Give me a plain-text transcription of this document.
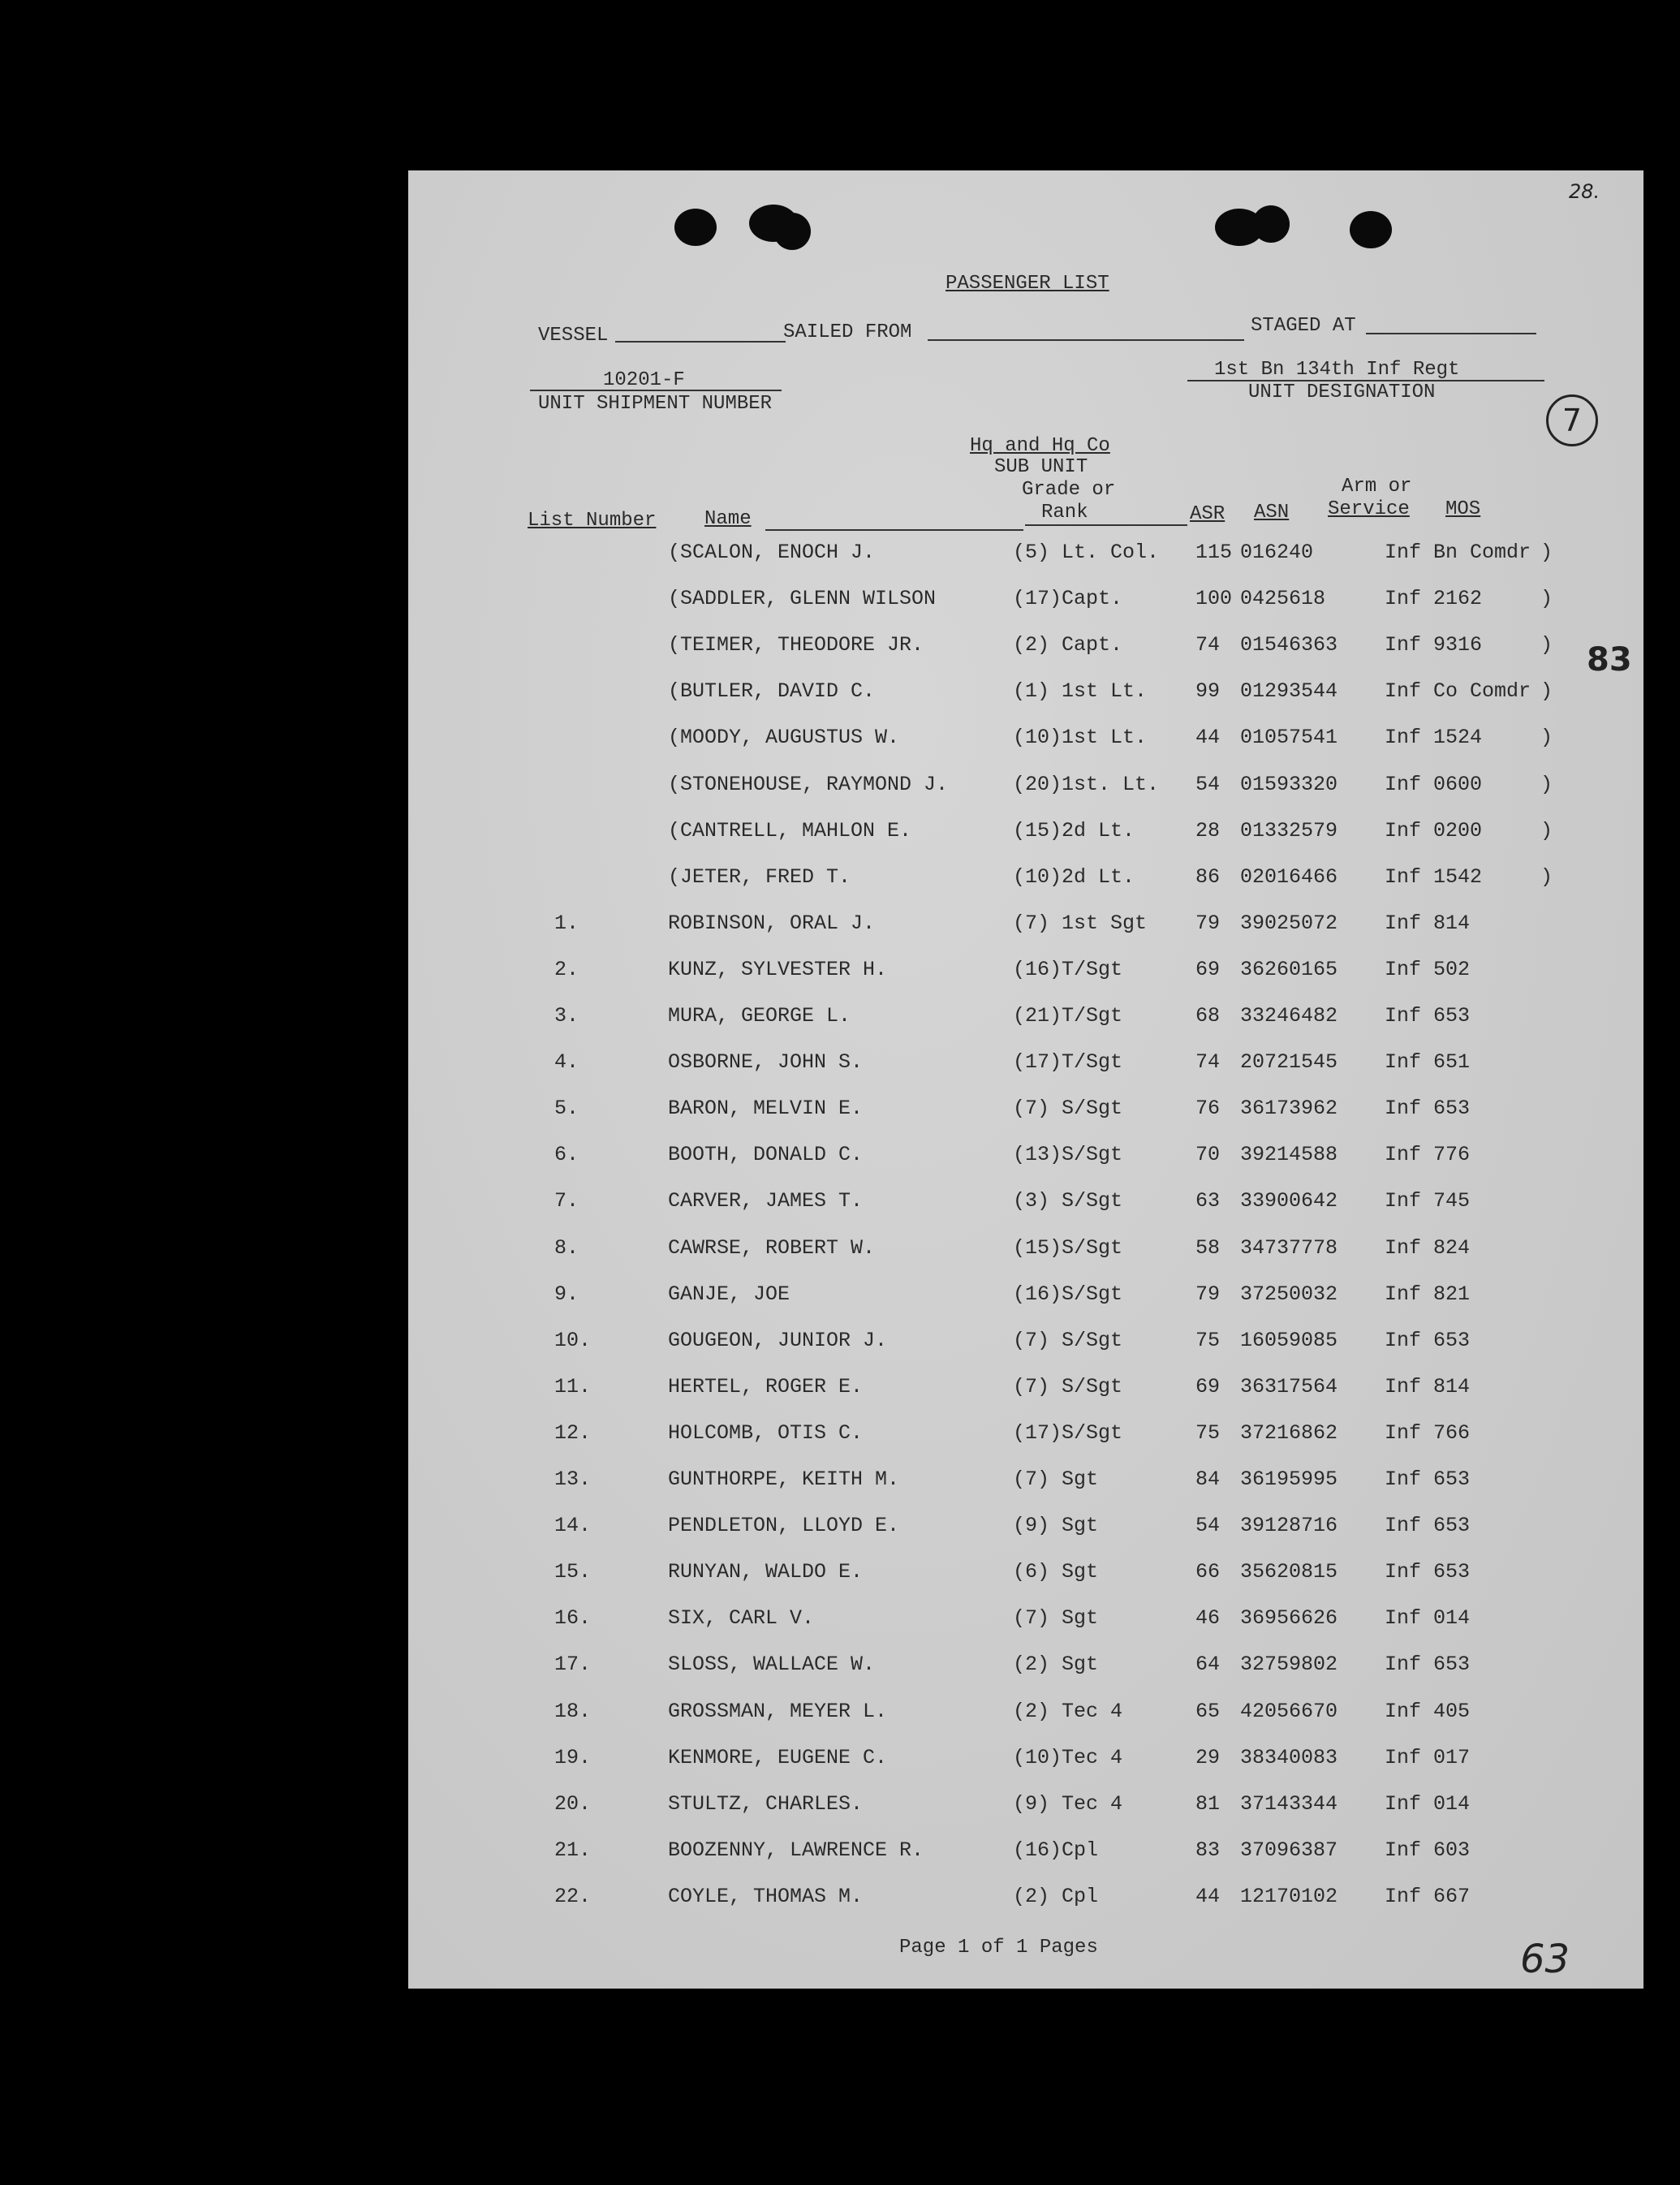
28.
PASSENGER LIST
VESSEL	SAILED FROM	STAGED AT
10201-F
UNIT SHIPMENT NUMBER
1st Bn 134th Inf Regt
UNIT DESIGNATION
7
Hq and Hq Co
SUB UNIT
Grade or
Rank
Arm or
Service
List Number Name	ASR ASN	MOS
(SCALON, ENOCH J.	(5) Lt. Col. 115 016240	Inf Bn Comdr )
(SADDLER, GLENN WILSON	(17)Capt.	100 0425618	Inf 2162	)
(TEIMER, THEODORE JR.	(2) Capt.	74 01546363 Inf 9316	)
(BUTLER, DAVID C.	(1) 1st Lt. 99 01293544 Inf Co Comdr )
(MOODY, AUGUSTUS W.	(10)1st Lt. 44 01057541 Inf 1524	)
(STONEHOUSE, RAYMOND J.	(20)1st. Lt. 54 01593320 Inf 0600	)
(CANTRELL, MAHLON E.	(15)2d Lt.	28 01332579 Inf 0200	)
(JETER, FRED T.	(10)2d Lt.	86 02016466 Inf 1542	)
1.	ROBINSON, ORAL J.	(7) 1st Sgt 79 39025072 Inf 814
2.	KUNZ, SYLVESTER H.	(16)T/Sgt	69 36260165 Inf 502
3.	MURA, GEORGE L.	(21)T/Sgt	68 33246482 Inf 653
4.	OSBORNE, JOHN S.	(17)T/Sgt	74 20721545 Inf 651
5.	BARON, MELVIN E.	(7) S/Sgt	76 36173962 Inf 653
6.	BOOTH, DONALD C.	(13)S/Sgt	70 39214588 Inf 776
7.	CARVER, JAMES T.	(3) S/Sgt	63 33900642 Inf 745
8.	CAWRSE, ROBERT W.	(15)S/Sgt	58 34737778 Inf 824
9.	GANJE, JOE	(16)S/Sgt	79 37250032 Inf 821
10.	GOUGEON, JUNIOR J.	(7) S/Sgt	75 16059085 Inf 653
11.	HERTEL, ROGER E.	(7) S/Sgt	69 36317564 Inf 814
12.	HOLCOMB, OTIS C.	(17)S/Sgt	75 37216862 Inf 766
13.	GUNTHORPE, KEITH M.	(7) Sgt	84 36195995 Inf 653
14.	PENDLETON, LLOYD E.	(9) Sgt	54 39128716 Inf 653
15.	RUNYAN, WALDO E.	(6) Sgt	66 35620815 Inf 653
16.	SIX, CARL V.	(7) Sgt	46 36956626 Inf 014
17.	SLOSS, WALLACE W.	(2) Sgt	64 32759802 Inf 653
18.	GROSSMAN, MEYER L.	(2) Tec 4	65 42056670 Inf 405
19.	KENMORE, EUGENE C.	(10)Tec 4	29 38340083 Inf 017
20.	STULTZ, CHARLES.	(9) Tec 4	81 37143344 Inf 014
21.	BOOZENNY, LAWRENCE R.	(16)Cpl	83 37096387 Inf 603
22.	COYLE, THOMAS M.	(2) Cpl	44 12170102 Inf 667
83
Page 1 of 1 Pages	63
